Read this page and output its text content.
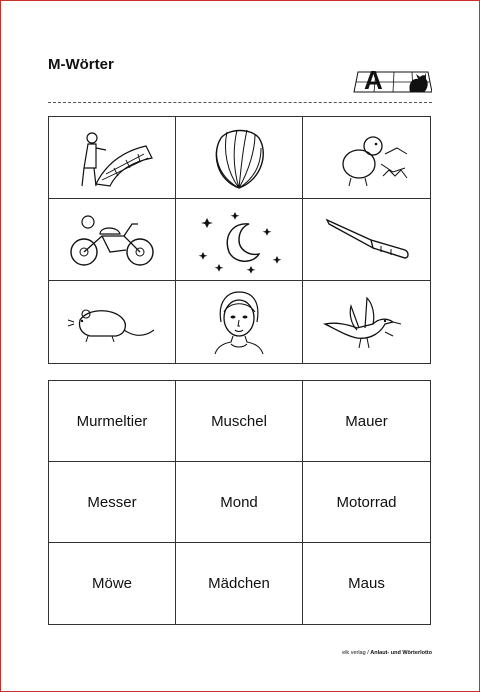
M-Wörter
A
Murmeltier	Muschel	Mauer
Messer	Mond	Motorrad
Möwe	Mädchen	Maus
elk verlag / Anlaut- und Wörterlotto
